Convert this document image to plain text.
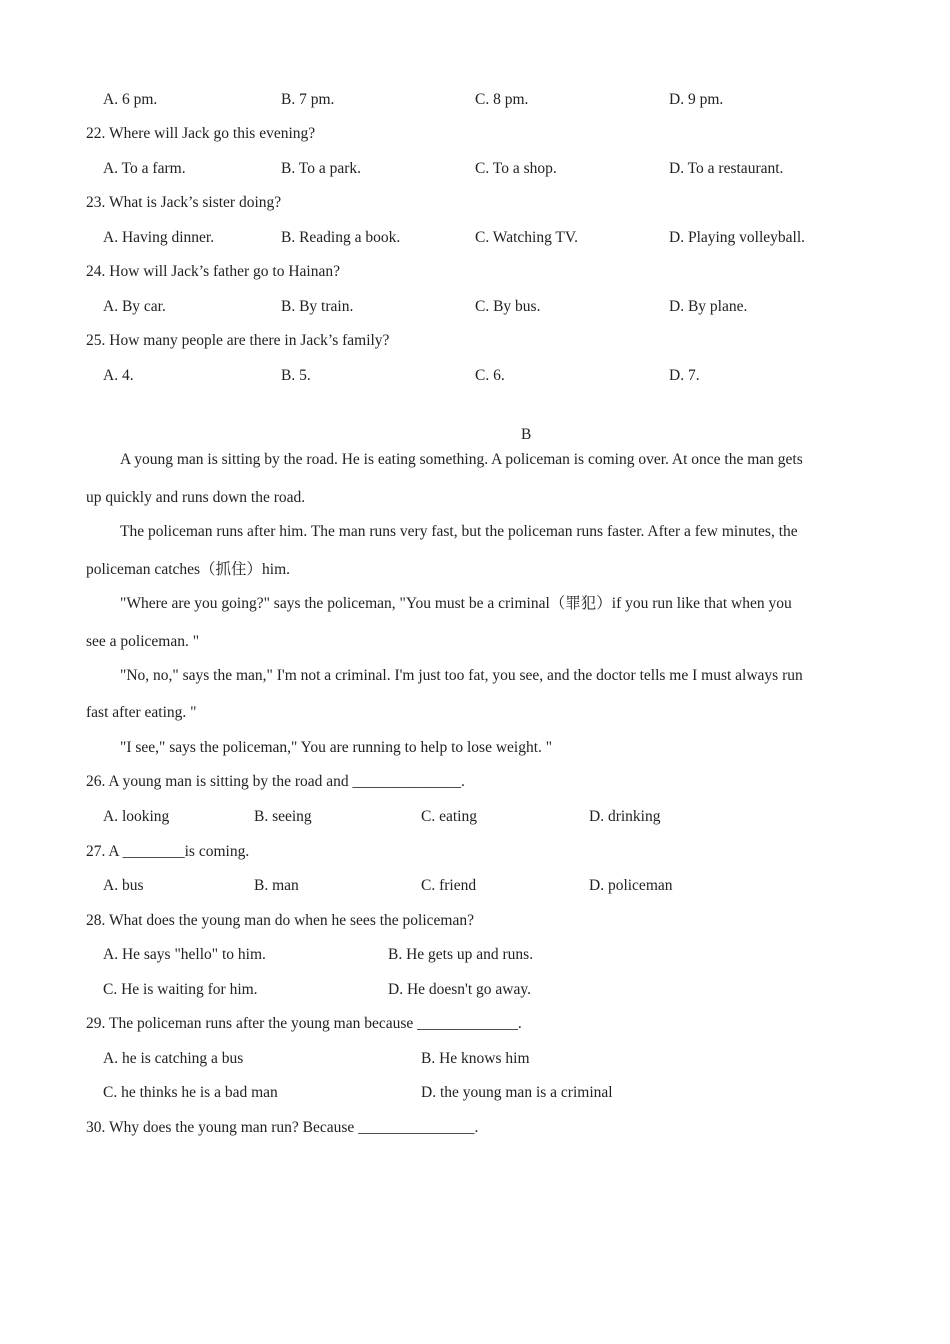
A. 6 pm.	B. 7 pm.	C. 8 pm.	D. 9 pm.
22. Where will Jack go this evening?
A. To a farm.	B. To a park.	C. To a shop.	D. To a restaurant.
23. What is Jack’s sister doing?
A. Having dinner.	B. Reading a book.	C. Watching TV.	D. Playing volleyball.
24. How will Jack’s father go to Hainan?
A. By car.	B. By train.	C. By bus.	D. By plane.
25. How many people are there in Jack’s family?
A. 4.	B. 5.	C. 6.	D. 7.
B
A young man is sitting by the road. He is eating something. A policeman is coming over. At once the man gets
up quickly and runs down the road.
The policeman runs after him. The man runs very fast, but the policeman runs faster. After a few minutes, the
policeman catches（抓住）him.
"Where are you going?" says the policeman, "You must be a criminal（罪犯）if you run like that when you
see a policeman. "
"No, no," says the man," I'm not a criminal. I'm just too fat, you see, and the doctor tells me I must always run
fast after eating. "
"I see," says the policeman," You are running to help to lose weight. "
26. A young man is sitting by the road and ______________.
A. looking	B. seeing	C. eating	D. drinking
27. A ________is coming.
A. bus	B. man	C. friend	D. policeman
28. What does the young man do when he sees the policeman?
A. He says "hello" to him.	B. He gets up and runs.
C. He is waiting for him.	D. He doesn't go away.
29. The policeman runs after the young man because _____________.
A. he is catching a bus	B. He knows him
C. he thinks he is a bad man	D. the young man is a criminal
30. Why does the young man run? Because _______________.
